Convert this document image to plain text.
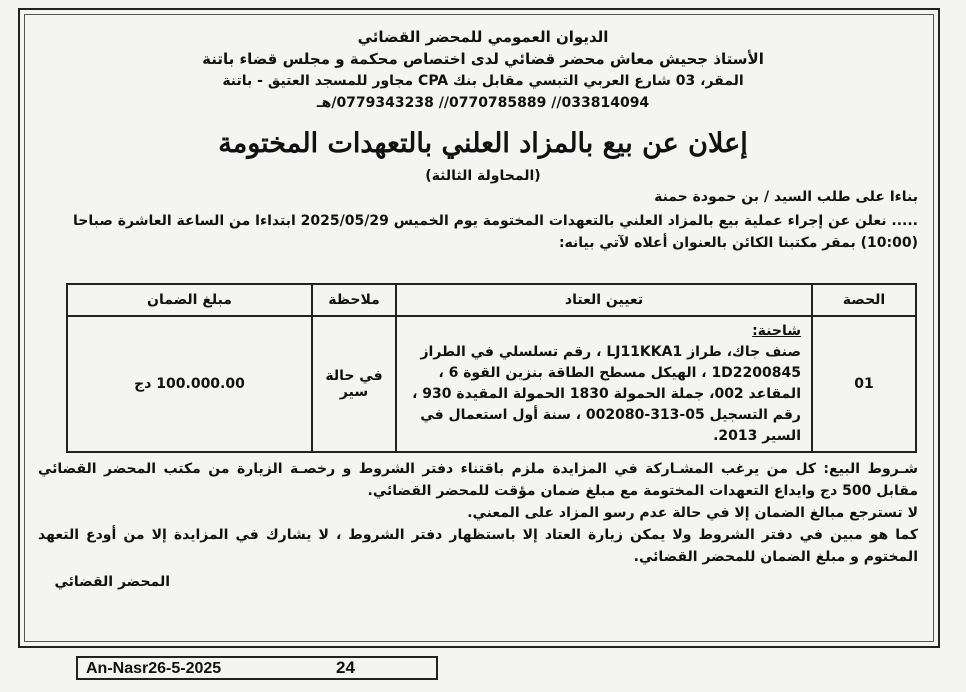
الديوان العمومي للمحضر القضائي
الأستاذ جحيش معاش محضر قضائي لدى اختصاص محكمة و مجلس قضاء باتنة
المقر، 03 شارع العربي التبسي مقابل بنك CPA مجاور للمسجد العتيق - باتنة
033814094// 0770785889// 0779343238/هـ
إعلان عن بيع بالمزاد العلني بالتعهدات المختومة
(المحاولة الثالثة)
بناءا على طلب السيد / بن حمودة حمنة
..... نعلن عن إجراء عملية بيع بالمزاد العلني بالتعهدات المختومة يوم الخميس 2025/05/29 ابتداءا من الساعة العاشرة صباحا (10:00) بمقر مكتبنا الكائن بالعنوان أعلاه لآتي بيانه:
الحصة	تعيين العتاد	ملاحظة	مبلغ الضمان
01	شاحنة:
صنف جاك، طراز LJ11KKA1 ، رقم تسلسلي في الطراز 1D2200845 ، الهيكل مسطح الطاقة بنزين القوة 6 ، المقاعد 002، جملة الحمولة 1830 الحمولة المقيدة 930 ، رقم التسجيل 05-313-002080 ، سنة أول استعمال في السير 2013.	في حالة سير	100.000.00 دج

شـروط البيع: كل من يرغب المشـاركة في المزايدة ملزم باقتناء دفتر الشروط و رخصـة الزيارة من مكتب المحضر القضائي مقابل 500 دج وايداع التعهدات المختومة مع مبلغ ضمان مؤقت للمحضر القضائي.

لا تسترجع مبالغ الضمان إلا في حالة عدم رسو المزاد على المعني.

كما هو مبين في دفتر الشروط ولا يمكن زيارة العتاد إلا باستظهار دفتر الشروط ، لا يشارك في المزايدة إلا من أودع التعهد المختوم و مبلغ الضمان للمحضر القضائي.

المحضر القضائي
An-Nasr26-5-2025	24
